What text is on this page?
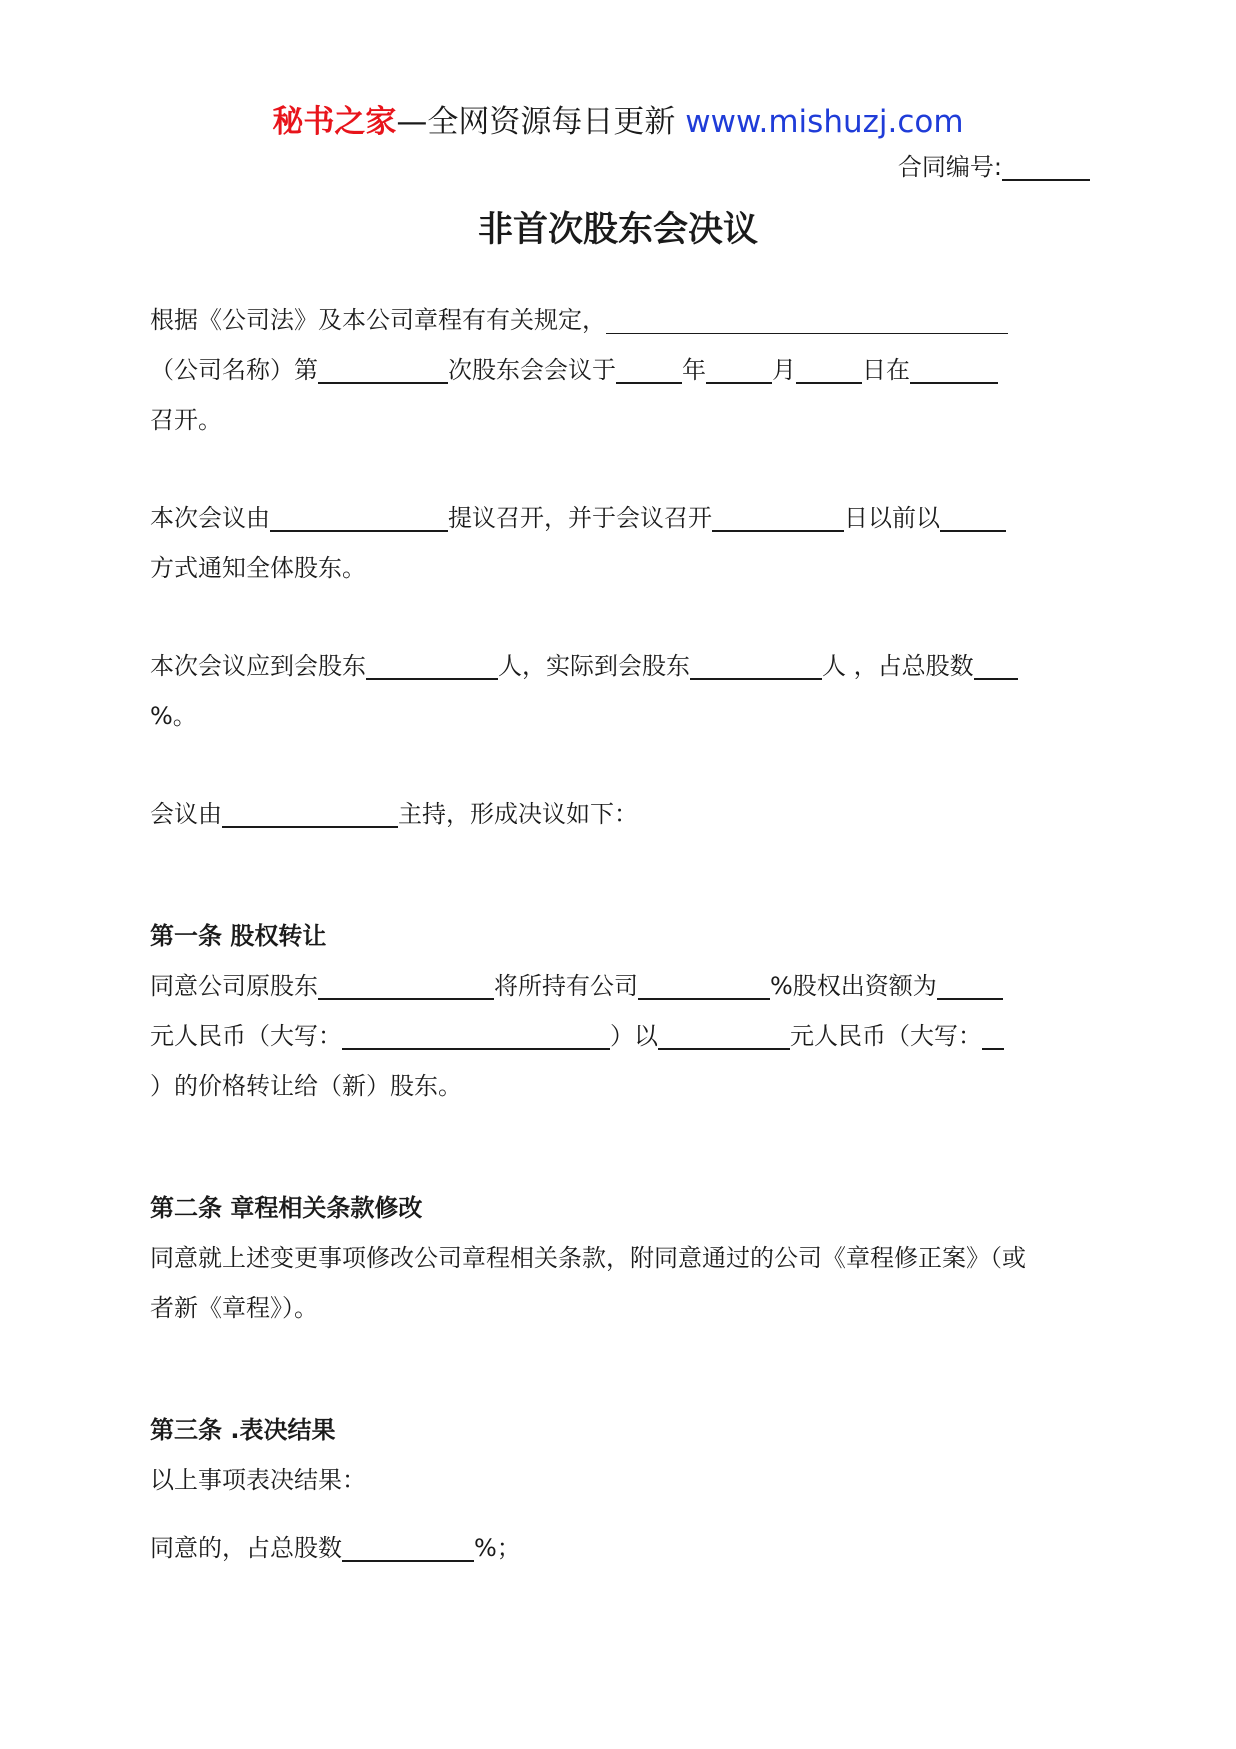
秘书之家—全网资源每日更新 www.mishuzj.com
合同编号:
非首次股东会决议

根据《公司法》及本公司章程有有关规定，
（公司名称）第	次股东会会议于	年	月	日在
召开。

本次会议由	提议召开，并于会议召开	日以前以
方式通知全体股东。

本次会议应到会股东	人，实际到会股东	人 ，占总股数
%。

会议由	主持，形成决议如下：

第一条 股权转让

同意公司原股东	将所持有公司	%股权出资额为
元人民币（大写：	）以	元人民币（大写：
）的价格转让给（新）股东。

第二条 章程相关条款修改

同意就上述变更事项修改公司章程相关条款，附同意通过的公司《章程修正案》（或
者新《章程》）。

第三条 .表决结果

以上事项表决结果：

同意的，占总股数	%；
